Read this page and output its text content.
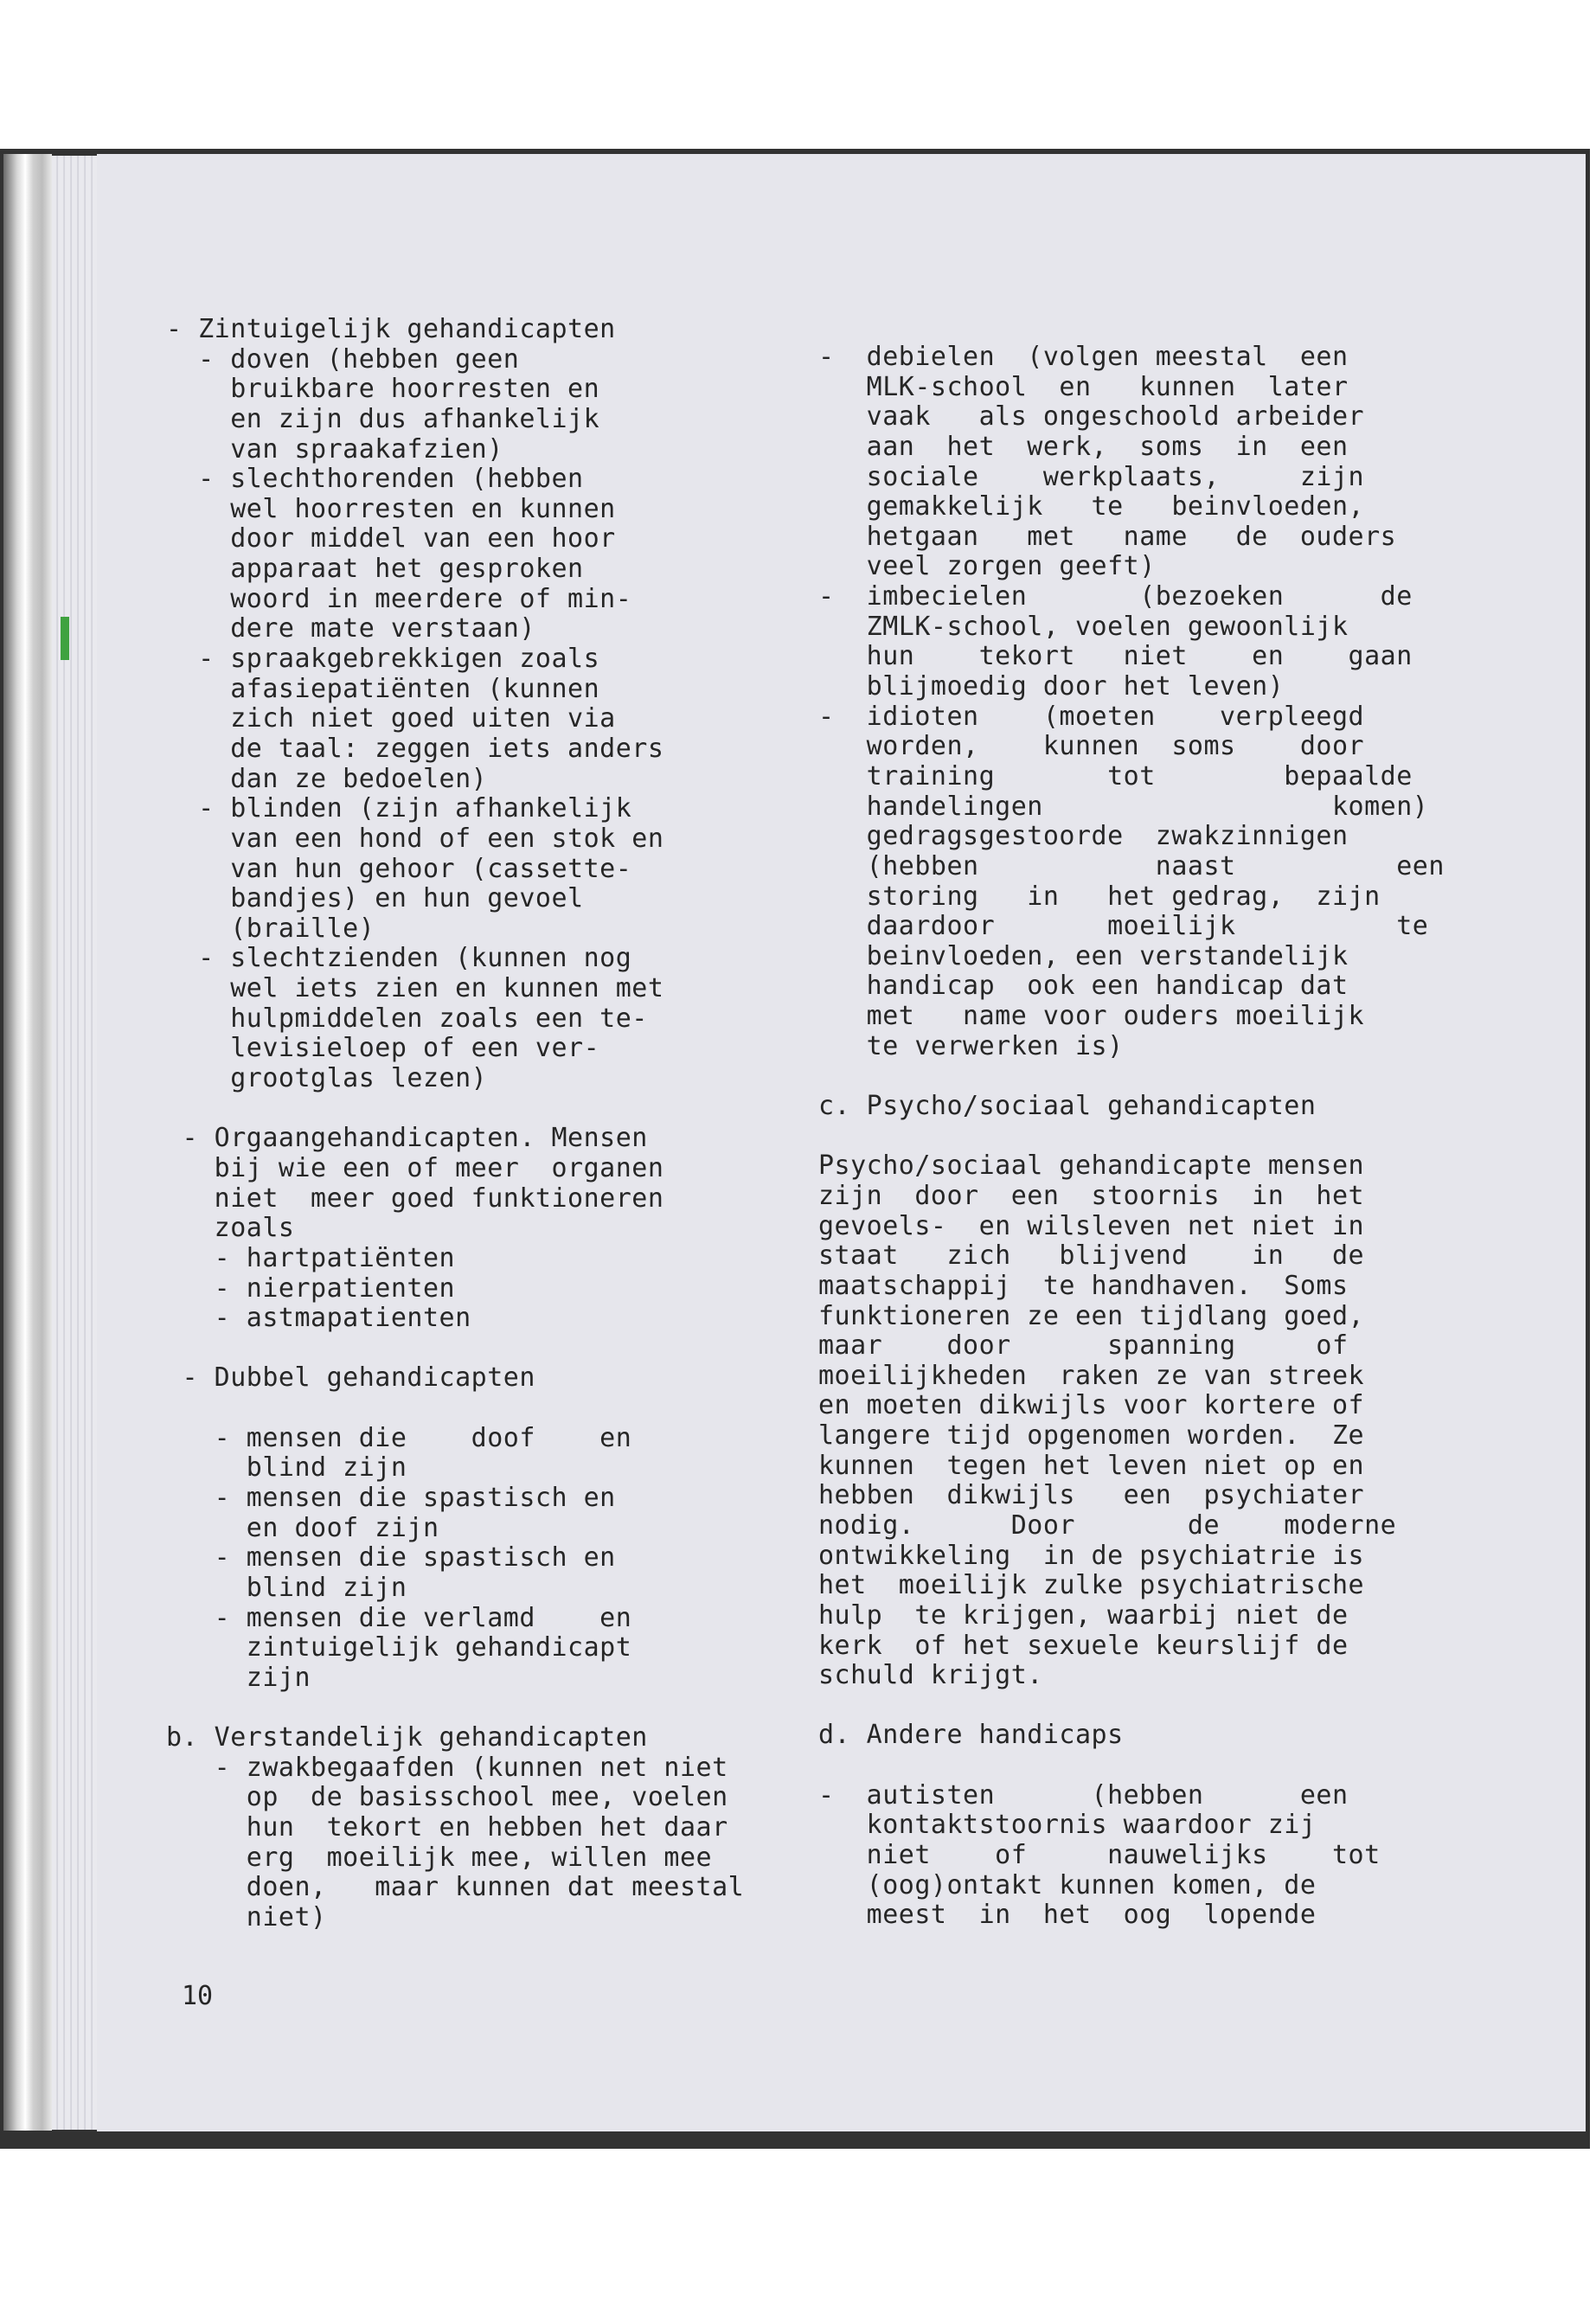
- Zintuigelijk gehandicapten
- doven (hebben geen
bruikbare hoorresten en
en zijn dus afhankelijk
van spraakafzien)
- slechthorenden (hebben
wel hoorresten en kunnen
door middel van een hoor
apparaat het gesproken
woord in meerdere of min-
dere mate verstaan)
- spraakgebrekkigen zoals
afasiepatiënten (kunnen
zich niet goed uiten via
de taal: zeggen iets anders
dan ze bedoelen)
- blinden (zijn afhankelijk
van een hond of een stok en
van hun gehoor (cassette-
bandjes) en hun gevoel
(braille)
- slechtzienden (kunnen nog
wel iets zien en kunnen met
hulpmiddelen zoals een te-
levisieloep of een ver-
grootglas lezen)
- Orgaangehandicapten. Mensen
bij wie een of meer  organen
niet  meer goed funktioneren
zoals
- hartpatiënten
- nierpatienten
- astmapatienten
- Dubbel gehandicapten
- mensen die    doof    en
blind zijn
- mensen die spastisch en
en doof zijn
- mensen die spastisch en
blind zijn
- mensen die verlamd    en
zintuigelijk gehandicapt
zijn
b. Verstandelijk gehandicapten
- zwakbegaafden (kunnen net niet
op  de basisschool mee, voelen
hun  tekort en hebben het daar
erg  moeilijk mee, willen mee
doen,   maar kunnen dat meestal
niet)
-  debielen  (volgen meestal  een
MLK-school  en   kunnen  later
vaak   als ongeschoold arbeider
aan  het  werk,  soms  in  een
sociale    werkplaats,     zijn
gemakkelijk   te   beinvloeden,
hetgaan   met   name   de  ouders
veel zorgen geeft)
-  imbecielen       (bezoeken      de
ZMLK-school, voelen gewoonlijk
hun    tekort   niet    en    gaan
blijmoedig door het leven)
-  idioten    (moeten    verpleegd
worden,    kunnen  soms    door
training       tot        bepaalde
handelingen                  komen)
gedragsgestoorde  zwakzinnigen
(hebben           naast          een
storing   in   het gedrag,  zijn
daardoor       moeilijk          te
beinvloeden, een verstandelijk
handicap  ook een handicap dat
met   name voor ouders moeilijk
te verwerken is)
c. Psycho/sociaal gehandicapten
Psycho/sociaal gehandicapte mensen
zijn  door  een  stoornis  in  het
gevoels-  en wilsleven net niet in
staat   zich   blijvend    in   de
maatschappij  te handhaven.  Soms
funktioneren ze een tijdlang goed,
maar    door      spanning     of
moeilijkheden  raken ze van streek
en moeten dikwijls voor kortere of
langere tijd opgenomen worden.  Ze
kunnen  tegen het leven niet op en
hebben  dikwijls   een  psychiater
nodig.      Door       de    moderne
ontwikkeling  in de psychiatrie is
het  moeilijk zulke psychiatrische
hulp  te krijgen, waarbij niet de
kerk  of het sexuele keurslijf de
schuld krijgt.
d. Andere handicaps
-  autisten      (hebben      een
kontaktstoornis waardoor zij
niet    of     nauwelijks    tot
(oog)ontakt kunnen komen, de
meest  in  het  oog  lopende
10
